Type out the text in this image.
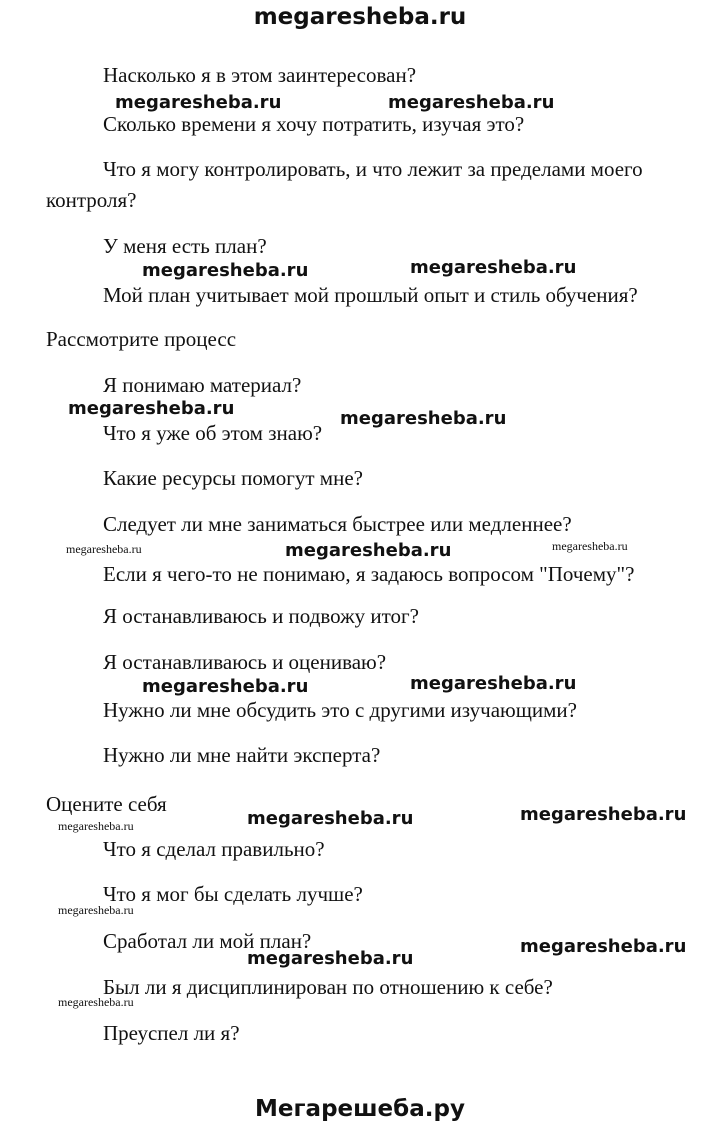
megaresheba.ru
Насколько я в этом заинтересован?
Сколько времени я хочу потратить, изучая это?
Что я могу контролировать, и что лежит за пределами моего
контроля?
У меня есть план?
Мой план учитывает мой прошлый опыт и стиль обучения?
Рассмотрите процесс
Я понимаю материал?
Что я уже об этом знаю?
Какие ресурсы помогут мне?
Следует ли мне заниматься быстрее или медленнее?
Если я чего-то не понимаю, я задаюсь вопросом "Почему"?
Я останавливаюсь и подвожу итог?
Я останавливаюсь и оцениваю?
Нужно ли мне обсудить это с другими изучающими?
Нужно ли мне найти эксперта?
Оцените себя
Что я сделал правильно?
Что я мог бы сделать лучше?
Сработал ли мой план?
Был ли я дисциплинирован по отношению к себе?
Преуспел ли я?
megaresheba.ru	megaresheba.ru
megaresheba.ru	megaresheba.ru
megaresheba.ru	megaresheba.ru
megaresheba.ru	megaresheba.ru	megaresheba.ru
megaresheba.ru	megaresheba.ru
megaresheba.ru	megaresheba.ru
megaresheba.ru
megaresheba.ru
megaresheba.ru
megaresheba.ru
megaresheba.ru
Мегарешеба.ру
